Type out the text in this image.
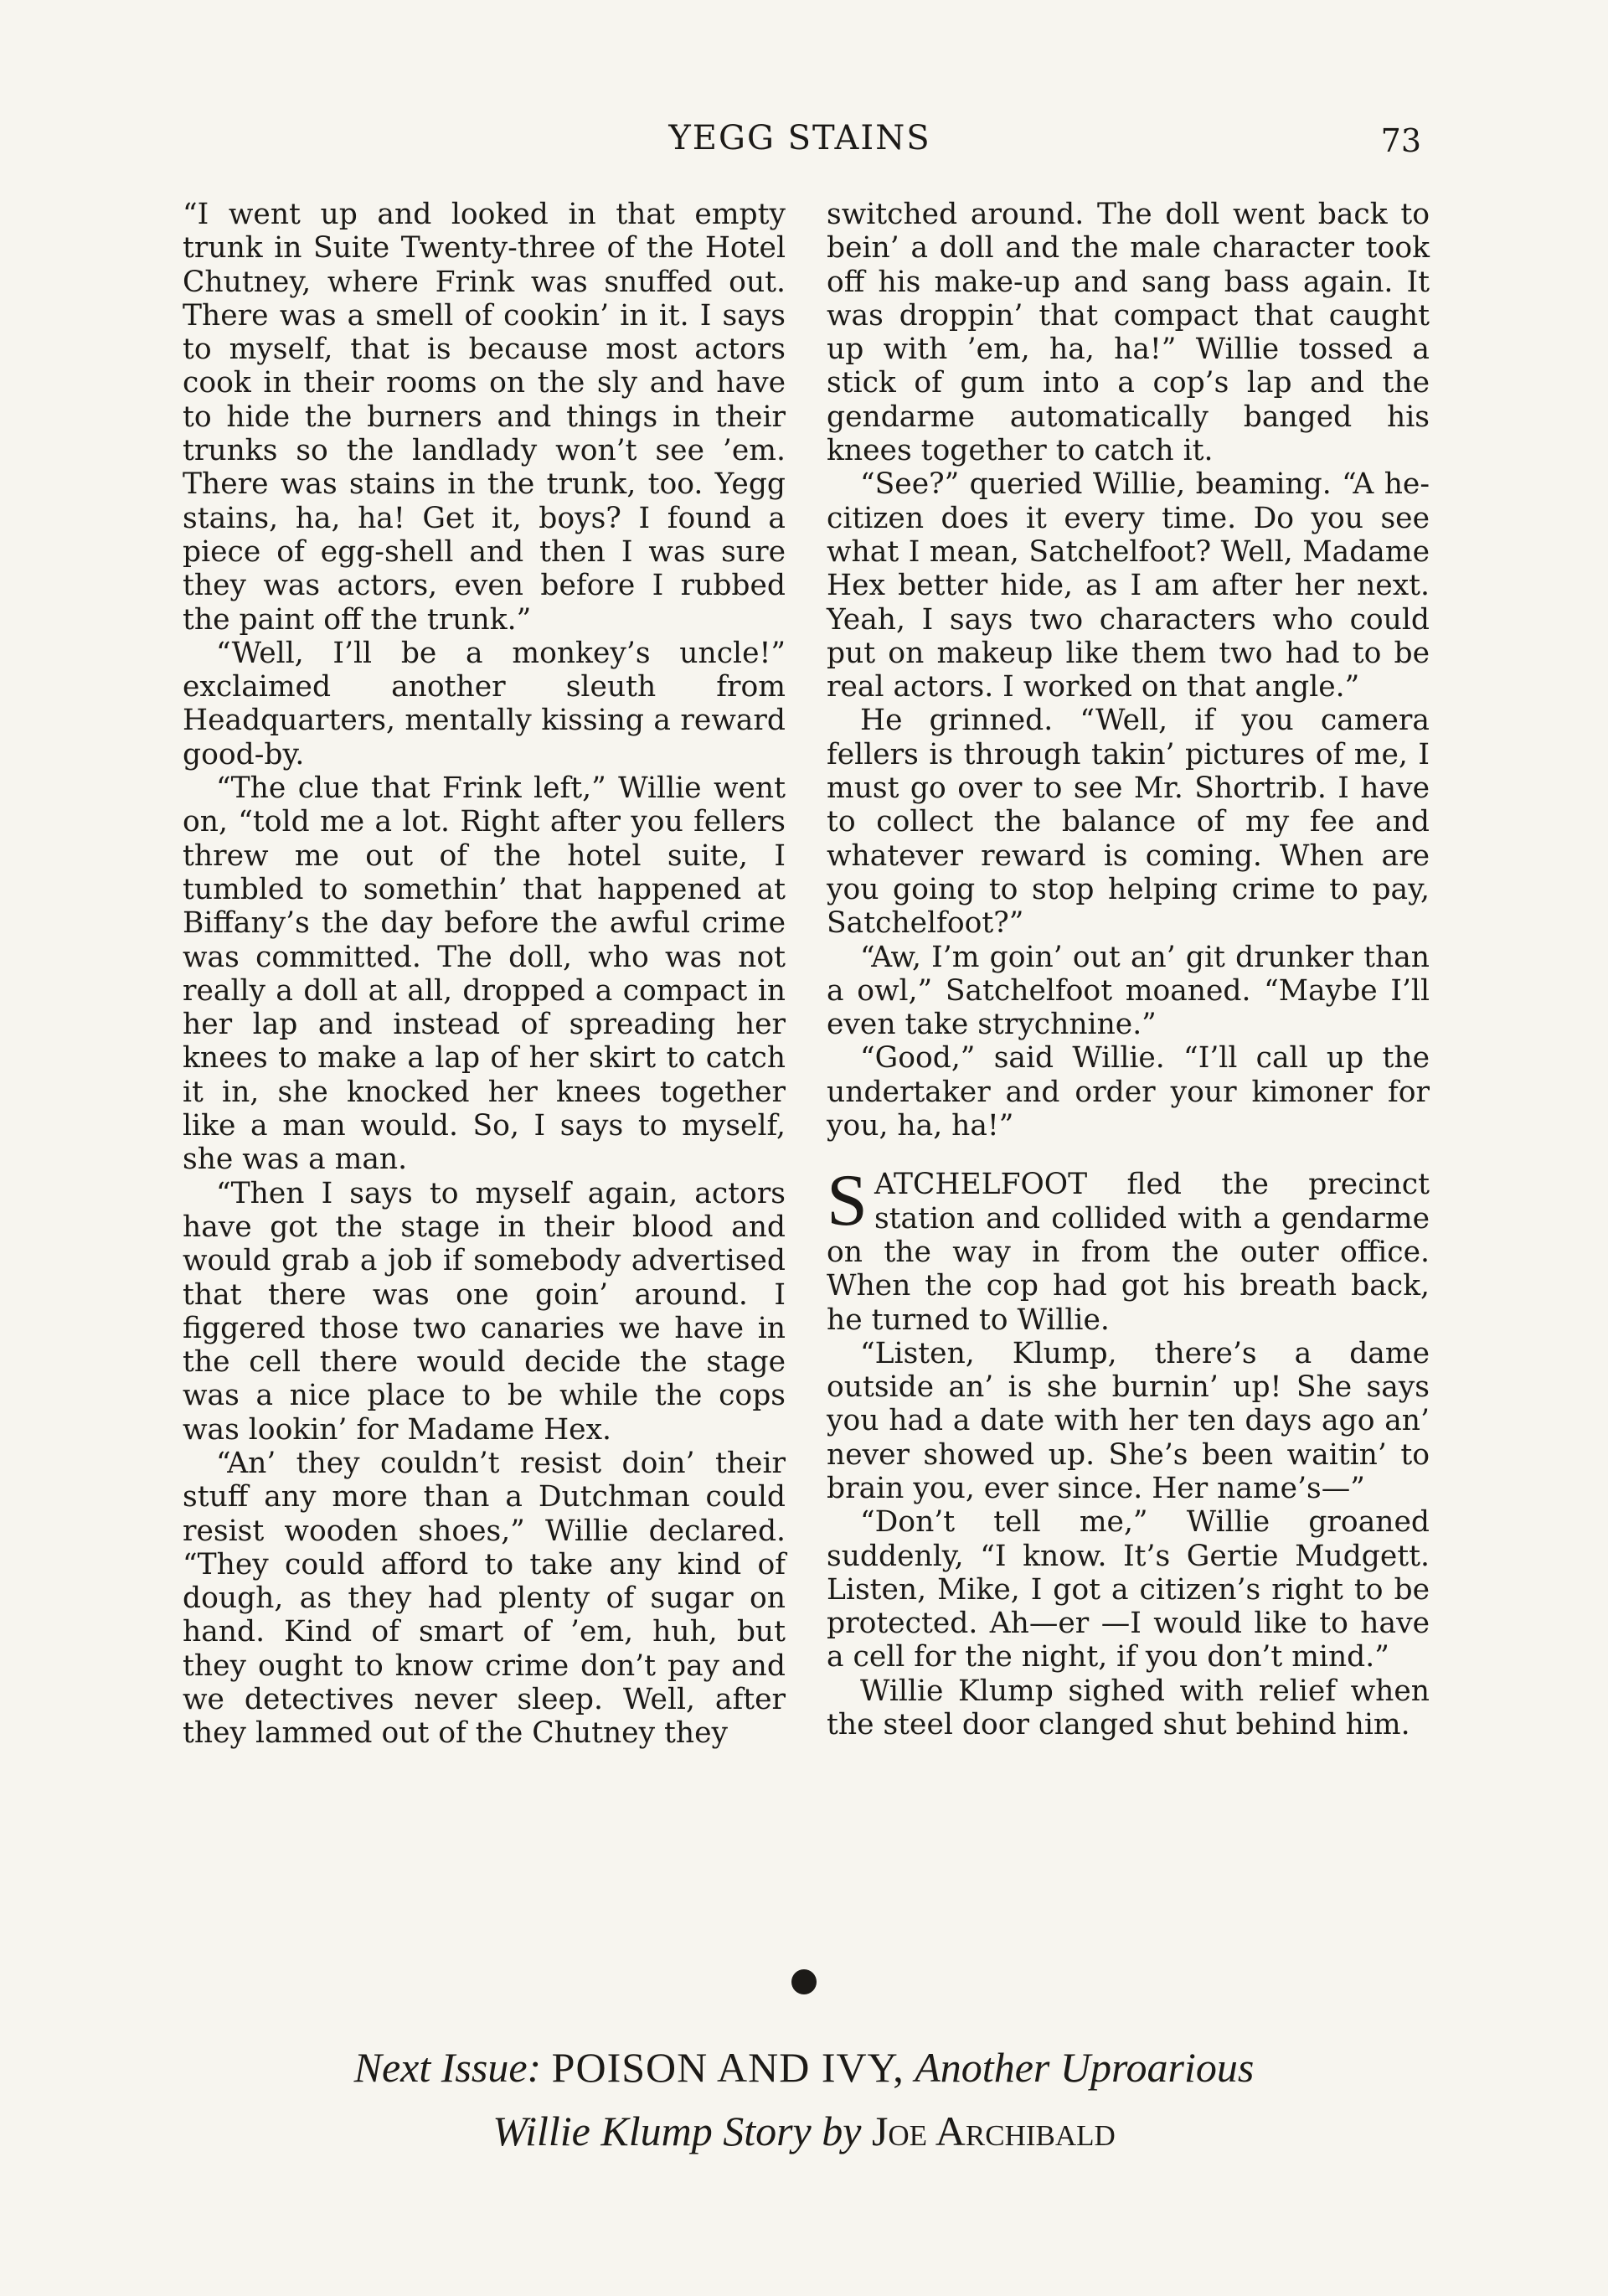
YEGG STAINS	73

“I went up and looked in that empty trunk in Suite Twenty-three of the Hotel Chutney, where Frink was snuffed out. There was a smell of cookin’ in it. I says to myself, that is because most actors cook in their rooms on the sly and have to hide the burners and things in their trunks so the landlady won’t see ’em. There was stains in the trunk, too. Yegg stains, ha, ha! Get it, boys? I found a piece of egg-shell and then I was sure they was actors, even before I rubbed the paint off the trunk.”

“Well, I’ll be a monkey’s uncle!” exclaimed another sleuth from Headquarters, mentally kissing a reward good-by.

“The clue that Frink left,” Willie went on, “told me a lot. Right after you fellers threw me out of the hotel suite, I tumbled to somethin’ that happened at Biffany’s the day before the awful crime was committed. The doll, who was not really a doll at all, dropped a compact in her lap and instead of spreading her knees to make a lap of her skirt to catch it in, she knocked her knees together like a man would. So, I says to myself, she was a man.

“Then I says to myself again, actors have got the stage in their blood and would grab a job if somebody advertised that there was one goin’ around. I figgered those two canaries we have in the cell there would decide the stage was a nice place to be while the cops was lookin’ for Madame Hex.

“An’ they couldn’t resist doin’ their stuff any more than a Dutchman could resist wooden shoes,” Willie declared. “They could afford to take any kind of dough, as they had plenty of sugar on hand. Kind of smart of ’em, huh, but they ought to know crime don’t pay and we detectives never sleep. Well, after they lammed out of the Chutney they

switched around. The doll went back to bein’ a doll and the male character took off his make-up and sang bass again. It was droppin’ that compact that caught up with ’em, ha, ha!” Willie tossed a stick of gum into a cop’s lap and the gendarme automatically banged his knees together to catch it.

“See?” queried Willie, beaming. “A he-citizen does it every time. Do you see what I mean, Satchelfoot? Well, Madame Hex better hide, as I am after her next. Yeah, I says two characters who could put on makeup like them two had to be real actors. I worked on that angle.”

He grinned. “Well, if you camera fellers is through takin’ pictures of me, I must go over to see Mr. Shortrib. I have to collect the balance of my fee and whatever reward is coming. When are you going to stop helping crime to pay, Satchelfoot?”

“Aw, I’m goin’ out an’ git drunker than a owl,” Satchelfoot moaned. “Maybe I’ll even take strychnine.”

“Good,” said Willie. “I’ll call up the undertaker and order your kimoner for you, ha, ha!”

SATCHELFOOT fled the precinct station and collided with a gendarme on the way in from the outer office. When the cop had got his breath back, he turned to Willie.

“Listen, Klump, there’s a dame outside an’ is she burnin’ up! She says you had a date with her ten days ago an’ never showed up. She’s been waitin’ to brain you, ever since. Her name’s—”

“Don’t tell me,” Willie groaned suddenly, “I know. It’s Gertie Mudgett. Listen, Mike, I got a citizen’s right to be protected. Ah—er —I would like to have a cell for the night, if you don’t mind.”

Willie Klump sighed with relief when the steel door clanged shut behind him.

Next Issue: POISON AND IVY, Another Uproarious
Willie Klump Story by Joe Archibald
